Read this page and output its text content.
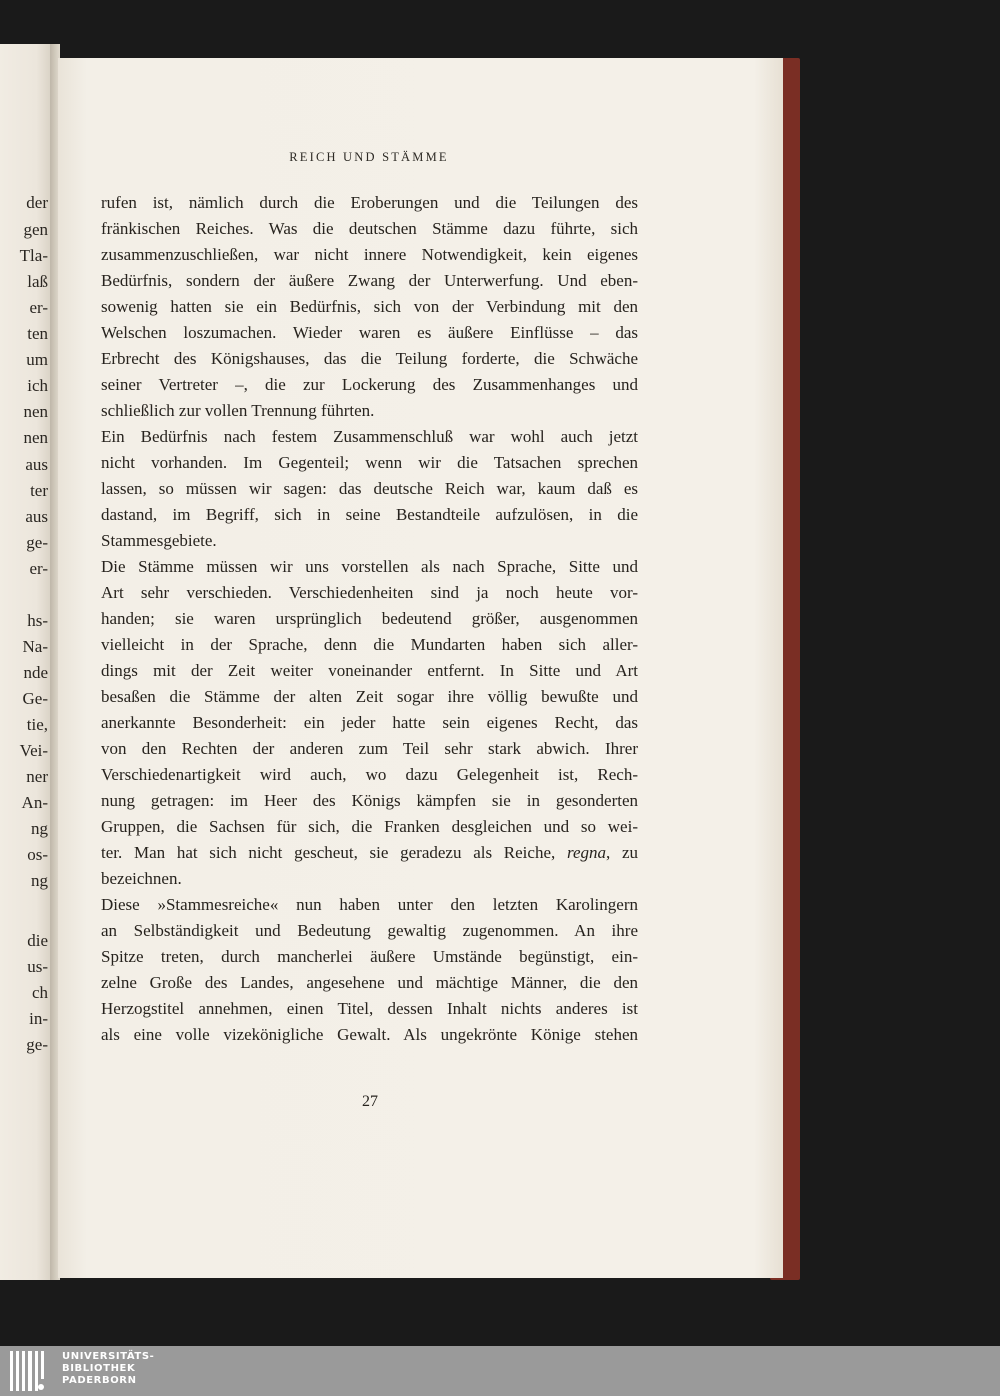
der
gen
Tla-
laß
er-
ten
um
ich
nen
nen
aus
ter
aus
ge-
er-
hs-
Na-
nde
Ge-
tie,
Vei-
ner
An-
ng
os-
ng
die
us-
ch
in-
ge-
REICH UND STÄMME
rufen ist, nämlich durch die Eroberungen und die Teilungen des
fränkischen Reiches. Was die deutschen Stämme dazu führte, sich
zusammenzuschließen, war nicht innere Notwendigkeit, kein eigenes
Bedürfnis, sondern der äußere Zwang der Unterwerfung. Und eben-
sowenig hatten sie ein Bedürfnis, sich von der Verbindung mit den
Welschen loszumachen. Wieder waren es äußere Einflüsse – das
Erbrecht des Königshauses, das die Teilung forderte, die Schwäche
seiner Vertreter –, die zur Lockerung des Zusammenhanges und
schließlich zur vollen Trennung führten.
Ein Bedürfnis nach festem Zusammenschluß war wohl auch jetzt
nicht vorhanden. Im Gegenteil; wenn wir die Tatsachen sprechen
lassen, so müssen wir sagen: das deutsche Reich war, kaum daß es
dastand, im Begriff, sich in seine Bestandteile aufzulösen, in die
Stammesgebiete.
Die Stämme müssen wir uns vorstellen als nach Sprache, Sitte und
Art sehr verschieden. Verschiedenheiten sind ja noch heute vor-
handen; sie waren ursprünglich bedeutend größer, ausgenommen
vielleicht in der Sprache, denn die Mundarten haben sich aller-
dings mit der Zeit weiter voneinander entfernt. In Sitte und Art
besaßen die Stämme der alten Zeit sogar ihre völlig bewußte und
anerkannte Besonderheit: ein jeder hatte sein eigenes Recht, das
von den Rechten der anderen zum Teil sehr stark abwich. Ihrer
Verschiedenartigkeit wird auch, wo dazu Gelegenheit ist, Rech-
nung getragen: im Heer des Königs kämpfen sie in gesonderten
Gruppen, die Sachsen für sich, die Franken desgleichen und so wei-
ter. Man hat sich nicht gescheut, sie geradezu als Reiche, regna, zu
bezeichnen.
Diese »Stammesreiche« nun haben unter den letzten Karolingern
an Selbständigkeit und Bedeutung gewaltig zugenommen. An ihre
Spitze treten, durch mancherlei äußere Umstände begünstigt, ein-
zelne Große des Landes, angesehene und mächtige Männer, die den
Herzogstitel annehmen, einen Titel, dessen Inhalt nichts anderes ist
als eine volle vizekönigliche Gewalt. Als ungekrönte Könige stehen
27
UNIVERSITÄTS-
BIBLIOTHEK
PADERBORN
